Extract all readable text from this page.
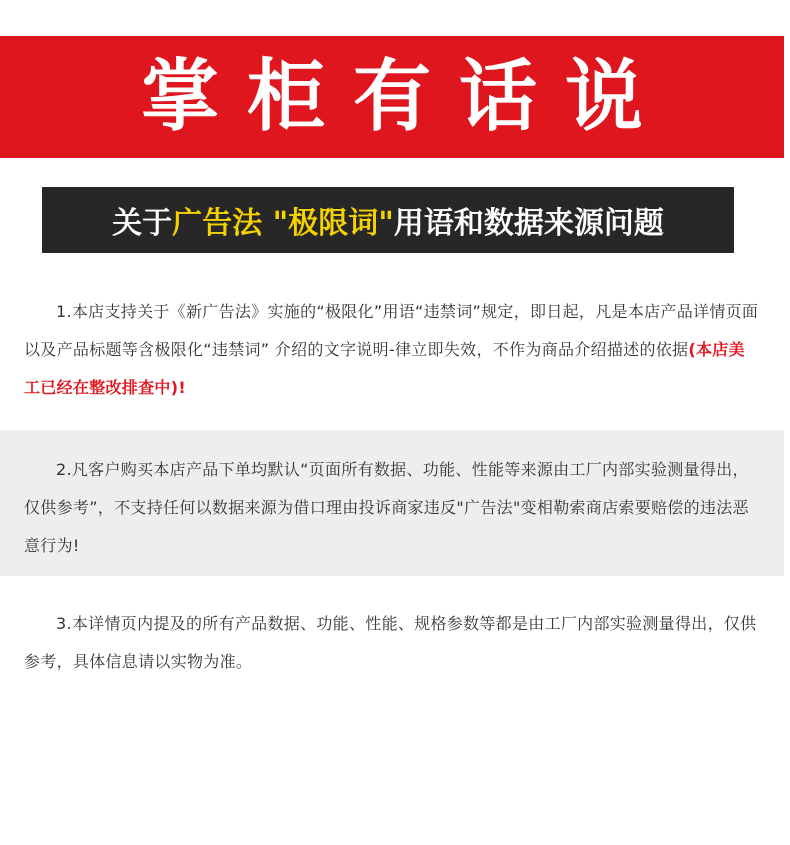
掌柜有话说
关于 广告法 "极限词" 用语和数据来源问题

1.本店支持关于《新广告法》实施的“极限化”用语“违禁词”规定，即日起，凡是本店产品详情页面以及产品标题等含极限化“违禁词” 介绍的文字说明-律立即失效，不作为商品介绍描述的依据(本店美工已经在整改排查中)!

2.凡客户购买本店产品下单均默认“页面所有数据、功能、性能等来源由工厂内部实验测量得出，仅供参考”，不支持任何以数据来源为借口理由投诉商家违反"广告法"变相勒索商店索要赔偿的违法恶意行为!

3.本详情页内提及的所有产品数据、功能、性能、规格参数等都是由工厂内部实验测量得出，仅供参考，具体信息请以实物为准。
